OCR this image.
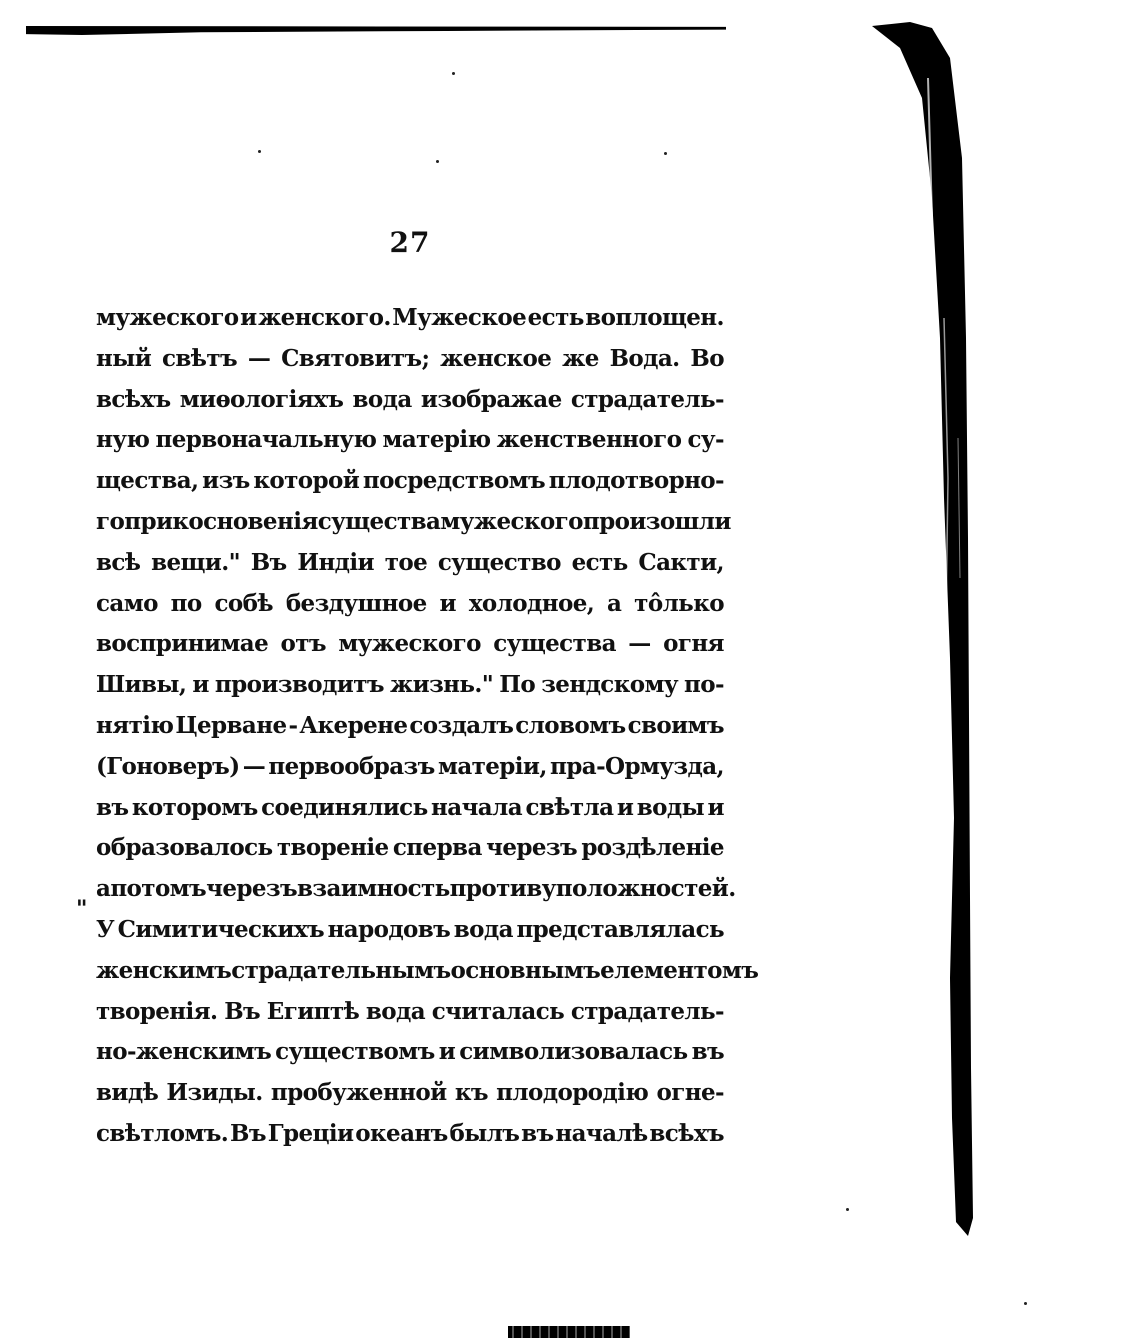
27
"
мужеского и женского. Мужеское есть воплощен.
ный свѣтъ — Святовитъ; женское же Вода. Во
всѣхъ миѳологіяхъ вода изображае страдатель-
ную первоначальную матерію женственного су-
щества, изъ которой посредствомъ плодотворно-
го прикосновенія существа мужеского произошли
всѣ вещи." Въ Индіи тое существо есть Сакти,
само по собѣ бездушное и холодное, а тôлько
воспринимае отъ мужеского существа — огня
Шивы, и производитъ жизнь." По зендскому по-
нятію Церване - Акерене создалъ словомъ своимъ
(Гоноверъ) — первообразъ матеріи, пра-Ормузда,
въ которомъ соединялись начала свѣтла и воды и
образовалось твореніе сперва черезъ роздѣленіе
а потомъ черезъ взаимность противуположностей.
У Симитическихъ народовъ вода представлялась
женскимъ страдательнымъ основнымъ елементомъ
творенія. Въ Египтѣ вода считалась страдатель-
но-женскимъ существомъ и символизовалась въ
видѣ Изиды. пробуженной къ плодородію огне-
свѣтломъ. Въ Греціи океанъ былъ въ началѣ всѣхъ
